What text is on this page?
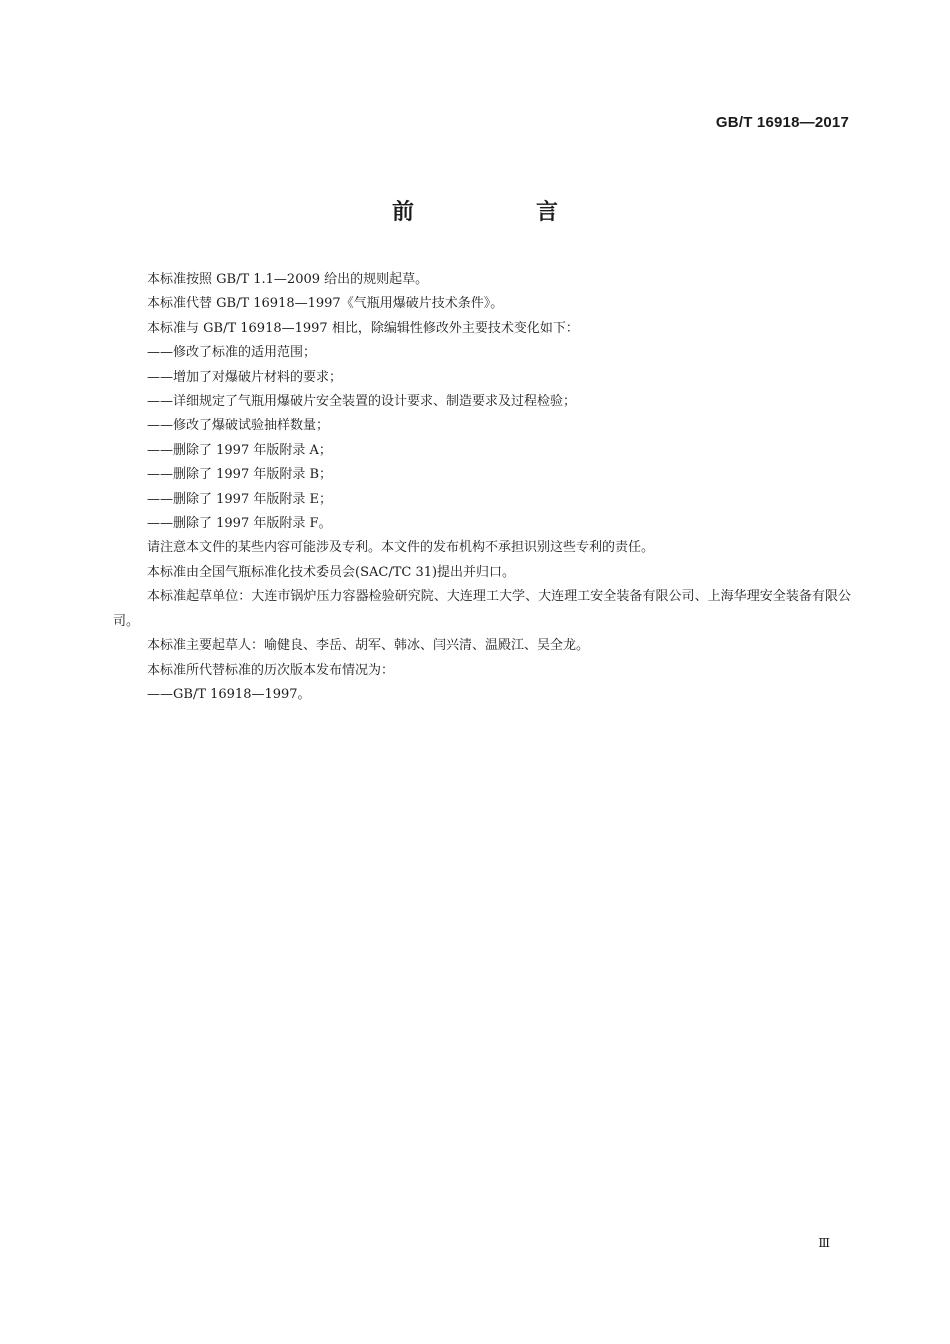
GB/T 16918—2017
前　言

本标准按照 GB/T 1.1—2009 给出的规则起草。

本标准代替 GB/T 16918—1997《气瓶用爆破片技术条件》。

本标准与 GB/T 16918—1997 相比，除编辑性修改外主要技术变化如下：

——修改了标准的适用范围；

——增加了对爆破片材料的要求；

——详细规定了气瓶用爆破片安全装置的设计要求、制造要求及过程检验；

——修改了爆破试验抽样数量；

——删除了 1997 年版附录 A；

——删除了 1997 年版附录 B；

——删除了 1997 年版附录 E；

——删除了 1997 年版附录 F。

请注意本文件的某些内容可能涉及专利。本文件的发布机构不承担识别这些专利的责任。

本标准由全国气瓶标准化技术委员会(SAC/TC 31)提出并归口。

本标准起草单位：大连市锅炉压力容器检验研究院、大连理工大学、大连理工安全装备有限公司、上海华理安全装备有限公司。

本标准主要起草人：喻健良、李岳、胡军、韩冰、闫兴清、温殿江、吴全龙。

本标准所代替标准的历次版本发布情况为：

——GB/T 16918—1997。

Ⅲ
